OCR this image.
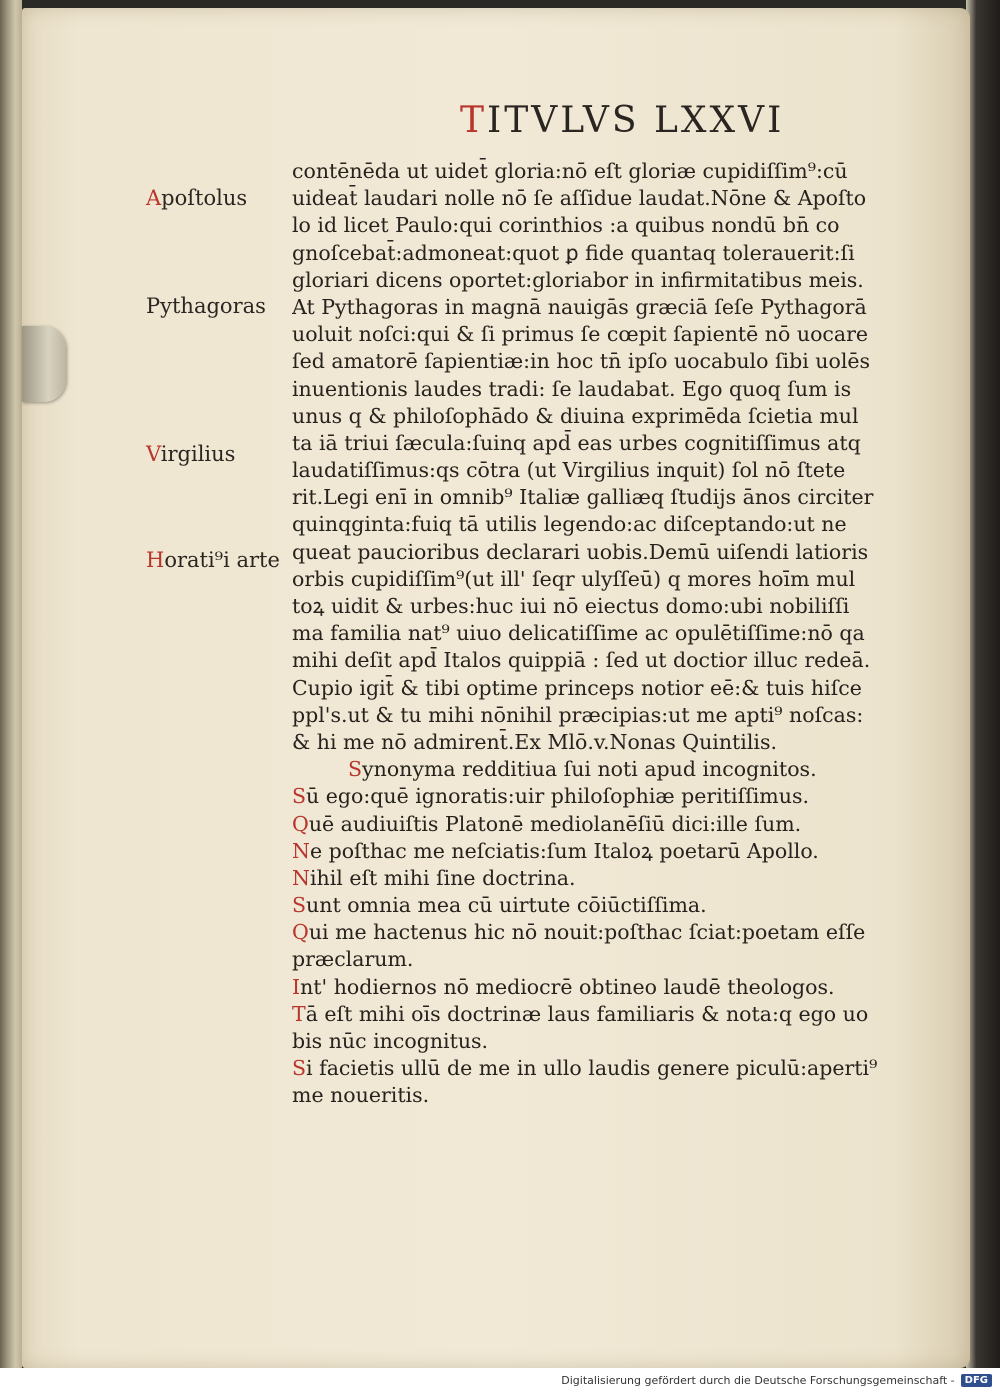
TITVLVS LXXVI
Apoſtolus
Pythagoras
Virgilius
Horati⁹i arte
contēnēda ut uidet̄ gloria:nō eſt gloriæ cupidiſſim⁹:cū
uideat̄ laudari nolle nō ſe aſſidue laudat.Nōne & Apoſto
lo id licet Paulo:qui corinthios :a quibus nondū bn̄ co
gnoſcebat̄:admoneat:quot ꝑ fide quantaq tolerauerit:ſi
gloriari dicens oportet:gloriabor in infirmitatibus meis.
At Pythagoras in magnā nauigās græciā ſeſe Pythagorā
uoluit noſci:qui & ſi primus ſe cœpit ſapientē nō uocare
ſed amatorē ſapientiæ:in hoc tn̄ ipſo uocabulo ſibi uolēs
inuentionis laudes tradi: ſe laudabat. Ego quoq ſum is
unus q & philoſophādo & diuina exprimēda ſcietia mul
ta iā triui ſæcula:ſuinq apd̄ eas urbes cognitiſſimus atq
laudatiſſimus:qs cōtra (ut Virgilius inquit) ſol nō ſtete
rit.Legi enī in omnib⁹ Italiæ galliæq ſtudijs ānos circiter
quinqginta:fuiq tā utilis legendo:ac diſceptando:ut ne
queat paucioribus declarari uobis.Demū uiſendi latioris
orbis cupidiſſim⁹(ut ill' ſeqr ulyſſeū) q mores hoīm mul
toꝝ uidit & urbes:huc iui nō eiectus domo:ubi nobiliſſi
ma familia nat⁹ uiuo delicatiſſime ac opulētiſſime:nō qa
mihi deſit apd̄ Italos quippiā : ſed ut doctior illuc redeā.
Cupio igit̄ & tibi optime princeps notior eē:& tuis hiſce
ppl's.ut & tu mihi nōnihil præcipias:ut me apti⁹ noſcas:
& hi me nō admirent̄.Ex Mlō.v.Nonas Quintilis.
Synonyma redditiua ſui noti apud incognitos.
Sū ego:quē ignoratis:uir philoſophiæ peritiſſimus.
Quē audiuiſtis Platonē mediolanēſiū dici:ille ſum.
Ne poſthac me neſciatis:ſum Italoꝝ poetarū Apollo.
Nihil eſt mihi ſine doctrina.
Sunt omnia mea cū uirtute cōiūctiſſima.
Qui me hactenus hic nō nouit:poſthac ſciat:poetam eſſe
præclarum.
Int' hodiernos nō mediocrē obtineo laudē theologos.
Tā eſt mihi oīs doctrinæ laus familiaris & nota:q ego uo
bis nūc incognitus.
Si facietis ullū de me in ullo laudis genere piculū:aperti⁹
me noueritis.
Digitalisierung gefördert durch die Deutsche Forschungsgemeinschaft -	DFG
